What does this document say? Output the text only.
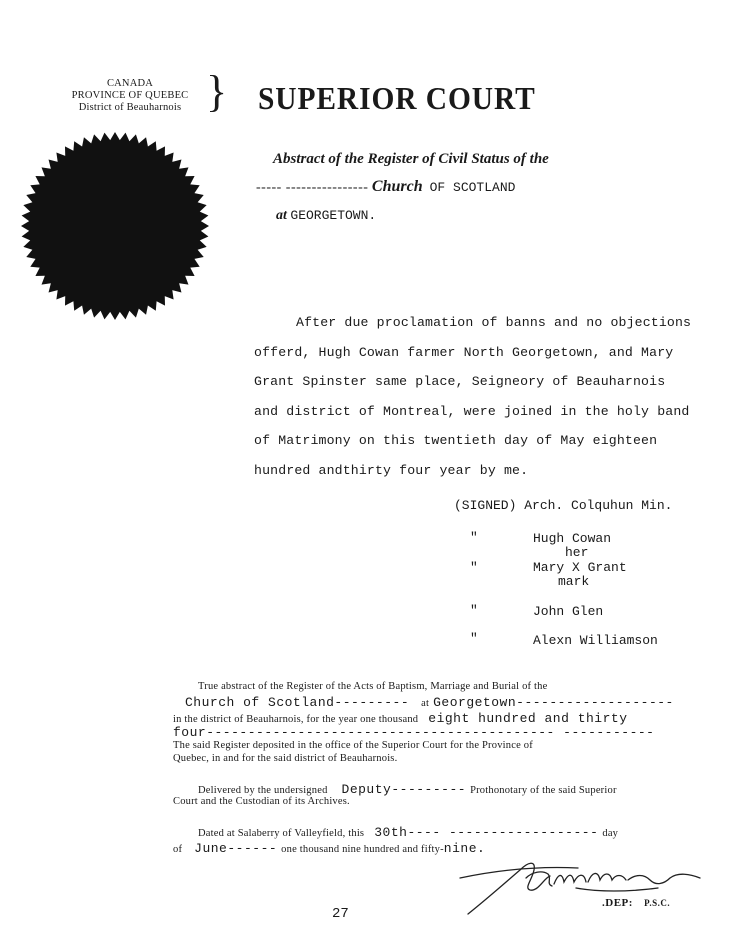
CANADA
PROVINCE OF QUEBEC
District of Beauharnois } SUPERIOR COURT
Abstract of the Register of Civil Status of the
----- ---------------- Church OF SCOTLAND
at GEORGETOWN.
After due proclamation of banns and no objections
offerd, Hugh Cowan farmer North Georgetown, and Mary
Grant Spinster same place, Seigneory of Beauharnois
and district of Montreal, were joined in the holy band
of Matrimony on this twentieth day of May eighteen
hundred andthirty four year by me.
(SIGNED) Arch. Colquhun Min.
"	Hugh Cowan
her
"	Mary X Grant
mark
"	John Glen
"	Alexn Williamson
True abstract of the Register of the Acts of Baptism, Marriage and Burial of the
Church of Scotland--------- at Georgetown-------------------
in the district of Beauharnois, for the year one thousand eight hundred and thirty
four------------------------------------------ -----------
The said Register deposited in the office of the Superior Court for the Province of
Quebec, in and for the said district of Beauharnois.
Delivered by the undersigned Deputy--------- Prothonotary of the said Superior
Court and the Custodian of its Archives.
Dated at Salaberry of Valleyfield, this 30th---- ------------------ day
of June------ one thousand nine hundred and fifty-nine.
.DEP: P.S.C.
27
